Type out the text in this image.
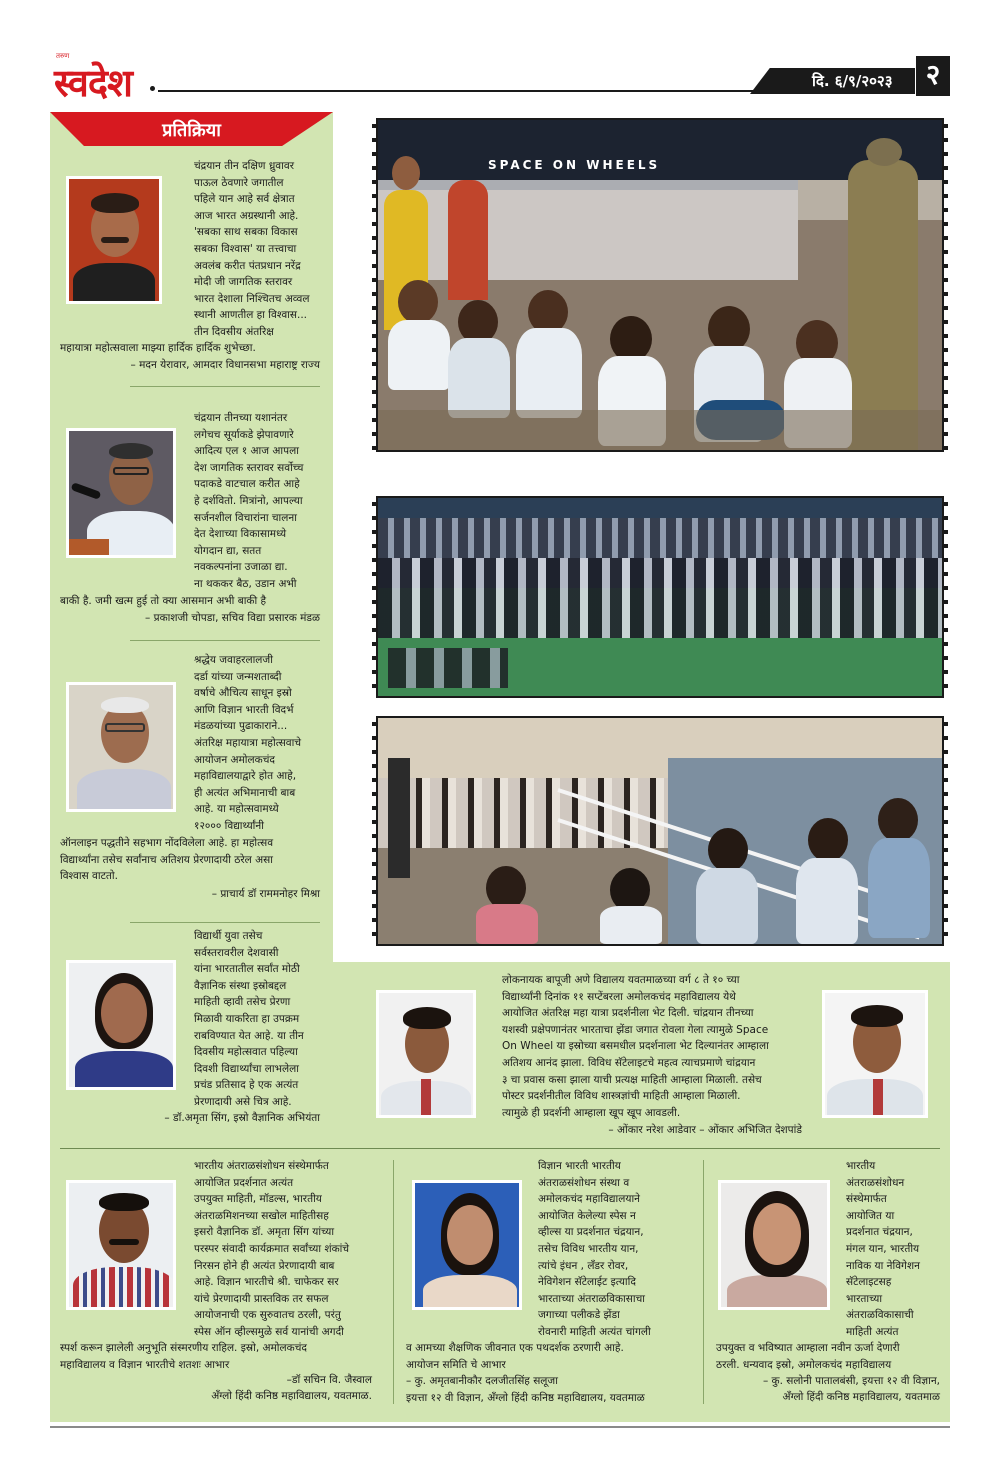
तरुण
स्वदेश	दि. ६/९/२०२३	२
प्रतिक्रिया
चंद्रयान तीन दक्षिण ध्रुवावर
पाऊल ठेवणारे जगातील
पहिले यान आहे सर्व क्षेत्रात
आज भारत अग्रस्थानी आहे.
'सबका साथ सबका विकास
सबका विश्वास' या तत्त्वाचा
अवलंब करीत पंतप्रधान नरेंद्र
मोदी जी जागतिक स्तरावर
भारत देशाला निश्चितच अव्वल
स्थानी आणतील हा विश्वास...
तीन दिवसीय अंतरिक्ष
महायात्रा महोत्सवाला माझ्या हार्दिक हार्दिक शुभेच्छा.
– मदन येरावार, आमदार विधानसभा महाराष्ट्र राज्य
चंद्रयान तीनच्या यशानंतर
लगेचच सूर्याकडे झेपावणारे
आदित्य एल १ आज आपला
देश जागतिक स्तरावर सर्वोच्च
पदाकडे वाटचाल करीत आहे
हे दर्शवितो. मित्रांनो, आपल्या
सर्जनशील विचारांना चालना
देत देशाच्या विकासामध्ये
योगदान द्या, सतत
नवकल्पनांना उजाळा द्या.
ना थककर बैठ, उडान अभी
बाकी है. जमी खत्म हुई तो क्या आसमान अभी बाकी है
– प्रकाशजी चोपडा, सचिव विद्या प्रसारक मंडळ
श्रद्धेय जवाहरलालजी
दर्डा यांच्या जन्मशताब्दी
वर्षाचे औचित्य साधून इस्रो
आणि विज्ञान भारती विदर्भ
मंडळयांच्या पुढाकाराने...
अंतरिक्ष महायात्रा महोत्सवाचे
आयोजन अमोलकचंद
महाविद्यालयाद्वारे होत आहे,
ही अत्यंत अभिमानाची बाब
आहे. या महोत्सवामध्ये
१२००० विद्यार्थ्यांनी
ऑनलाइन पद्धतीने सहभाग नोंदविलेला आहे. हा महोत्सव
विद्यार्थ्यांना तसेच सर्वांनाच अतिशय प्रेरणादायी ठरेल असा
विश्वास वाटतो.
– प्राचार्य डॉ राममनोहर मिश्रा
विद्यार्थी युवा तसेच
सर्वस्तरावरील देशवासी
यांना भारतातील सर्वांत मोठी
वैज्ञानिक संस्था इस्रोबद्दल
माहिती व्हावी तसेच प्रेरणा
मिळावी याकरिता हा उपक्रम
राबविण्यात येत आहे. या तीन
दिवसीय महोत्सवात पहिल्या
दिवशी विद्यार्थ्यांचा लाभलेला
प्रचंड प्रतिसाद हे एक अत्यंत
प्रेरणादायी असे चित्र आहे.
– डॉ.अमृता सिंग, इस्रो वैज्ञानिक अभियंता
SPACE ON WHEELS
लोकनायक बापूजी अणे विद्यालय यवतमाळच्या वर्ग ८ ते १० च्या
विद्यार्थ्यांनी दिनांक ११ सप्टेंबरला अमोलकचंद महाविद्यालय येथे
आयोजित अंतरिक्ष महा यात्रा प्रदर्शनीला भेट दिली. चांद्रयान तीनच्या
यशस्वी प्रक्षेपणानंतर भारताचा झेंडा जगात रोवला गेला त्यामुळे Space
On Wheel या इस्रोच्या बसमधील प्रदर्शनाला भेट दिल्यानंतर आम्हाला
अतिशय आनंद झाला. विविध सॅटेलाइटचे महत्व त्याचप्रमाणे चांद्रयान
३ चा प्रवास कसा झाला याची प्रत्यक्ष माहिती आम्हाला मिळाली. तसेच
पोस्टर प्रदर्शनीतील विविध शास्त्रज्ञांची माहिती आम्हाला मिळाली.
त्यामुळे ही प्रदर्शनी आम्हाला खूप खूप आवडली.
– ओंकार नरेश आडेवार – ओंकार अभिजित देशपांडे
भारतीय अंतराळसंशोधन संस्थेमार्फत
आयोजित प्रदर्शनात अत्यंत
उपयुक्त माहिती, मॉडल्स, भारतीय
अंतराळमिशनच्या सखोल माहितीसह
इसरो वैज्ञानिक डॉ. अमृता सिंग यांच्या
परस्पर संवादी कार्यक्रमात सर्वांच्या शंकांचे
निरसन होने ही अत्यंत प्रेरणादायी बाब
आहे. विज्ञान भारतीचे श्री. चाफेकर सर
यांचे प्रेरणादायी प्रास्तविक तर सफल
आयोजनाची एक सुरुवातच ठरली, परंतु
स्पेस ऑन व्हील्समुळे सर्व यानांची अगदी
स्पर्श करून झालेली अनुभूति संस्मरणीय राहिल. इस्रो, अमोलकचंद
महाविद्यालय व विज्ञान भारतीचे शतशः आभार
–डॉ सचिन वि. जैस्वाल
ॲंग्लो हिंदी कनिष्ठ महाविद्यालय, यवतमाळ.
विज्ञान भारती भारतीय
अंतराळसंशोधन संस्था व
अमोलकचंद महाविद्यालयाने
आयोजित केलेल्या स्पेस न
व्हील्स या प्रदर्शनात चंद्रयान,
तसेच विविध भारतीय यान,
त्यांचे इंधन , लँडर रोवर,
नेविगेशन सॅटेलाईट इत्यादि
भारताच्या अंतराळविकासाचा
जगाच्या पलीकडे झेंडा
रोवनारी माहिती अत्यंत चांगली
व आमच्या शैक्षणिक जीवनात एक पथदर्शक ठरणारी आहे.
आयोजन समिति चे आभार
– कु. अमृतबानीकौर दलजीतसिंह सलूजा
इयत्ता १२ वी विज्ञान, ॲंग्लो हिंदी कनिष्ठ महाविद्यालय, यवतमाळ
भारतीय
अंतराळसंशोधन
संस्थेमार्फत
आयोजित या
प्रदर्शनात चंद्रयान,
मंगल यान, भारतीय
नाविक या नेविगेशन
सॅटेलाइटसह
भारताच्या
अंतराळविकासाची
माहिती अत्यंत
उपयुक्त व भविष्यात आम्हाला नवीन ऊर्जा देणारी
ठरली. धन्यवाद इस्रो, अमोलकचंद महाविद्यालय
– कु. सलोनी पातालबंसी, इयत्ता १२ वी विज्ञान,
ॲंग्लो हिंदी कनिष्ठ महाविद्यालय, यवतमाळ
